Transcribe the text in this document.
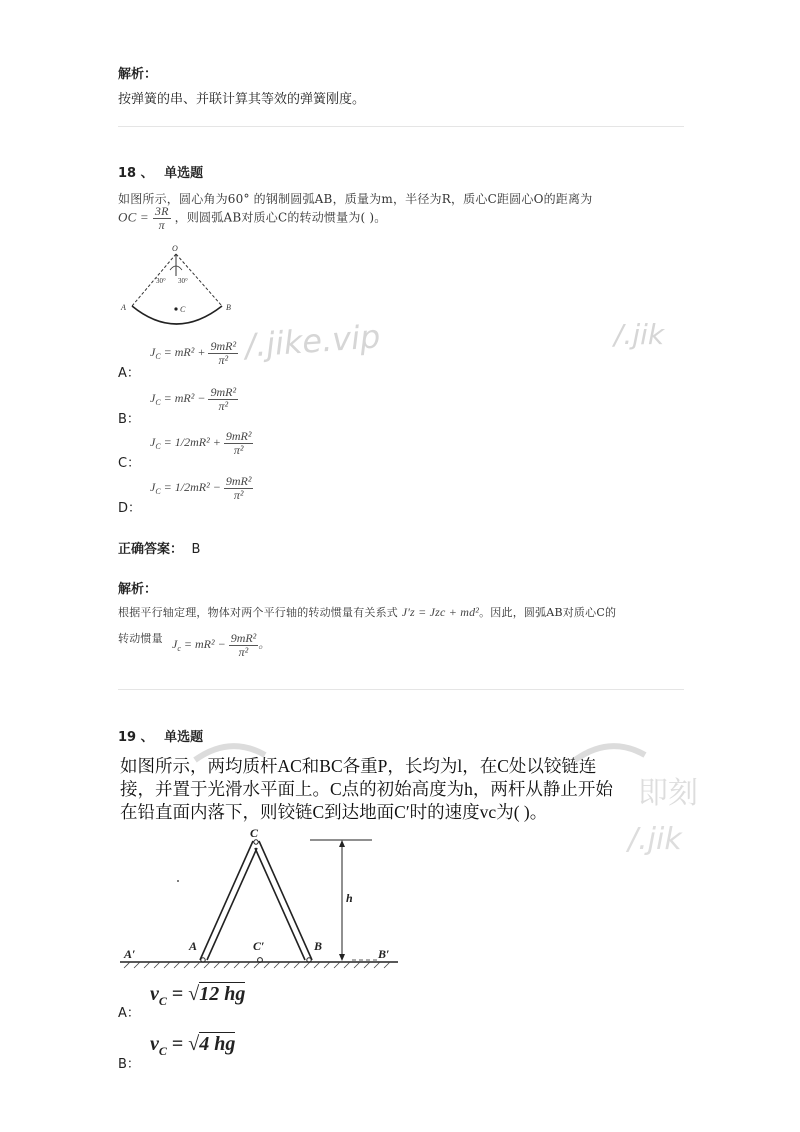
解析：
按弹簧的串、并联计算其等效的弹簧刚度。
18 、 单选题
如图所示，圆心角为60° 的钢制圆弧AB，质量为m，半径为R，质心C距圆心O的距离为
OC = $\frac{3R}{\pi}$ ，则圆弧AB对质心C的转动惯量为( )。
O
30° 30°
A	B
C
A：
$J_C = mR^2 + \frac{\text{9mR²}}{\text{π²}}$
B：
$J_C = mR^2 - \frac{\text{9mR²}}{\text{π²}}$
C：
$J_C = 1/2mR^2 + \frac{\text{9mR²}}{\text{π²}}$
D：
$J_C = 1/2mR^2 - \frac{\text{9mR²}}{\text{π²}}$
正确答案： B
解析：
根据平行轴定理，物体对两个平行轴的转动惯量有关系式 J′z = Jzc + md²。因此，圆弧AB对质心C的
转动惯量 $J_c = mR^2 - \frac{\text{9mR²}}{\text{π²}}$ 。
19 、 单选题
如图所示，两均质杆AC和BC各重P，长均为l，在C处以铰链连
接，并置于光滑水平面上。C点的初始高度为h，两杆从静止开始
在铅直面内落下，则铰链C到达地面C′时的速度vc为( )。
C
h
A′
A	C′	B
B′
A：
$v_C = √12$ hg
B：
$v_C = √4$ hg
/.jike.vip	/.jik
即刻
/.jik
